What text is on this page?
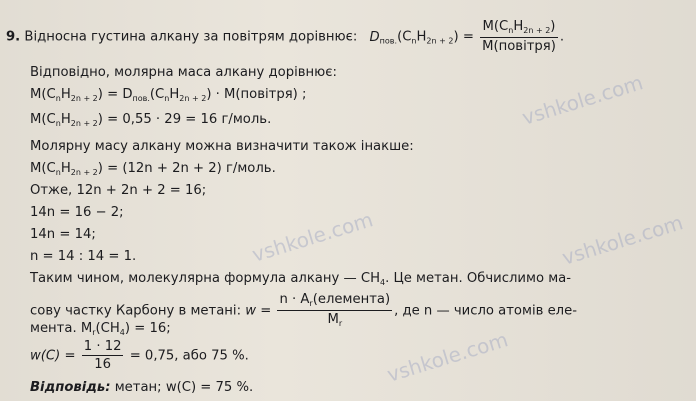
vshkole.com
vshkole.com	vshkole.com
vshkole.com
9. Відносна густина алкану за повітрям дорівнює: $D_{пов.}(C_nH_{2n + 2}) = \frac{M(C_nH_{2n + 2})}{\text{M(повітря)}}$ .
Відповідно, молярна маса алкану дорівнює:
$M(C_nH_{2n + 2}) = D_{пов.}(C_nH_{2n + 2})$ · M(повітря) ;
$M(C_nH_{2n + 2}) = 0,55 \cdot 29 = 16$ г/моль.
Молярну масу алкану можна визначити також інакше:
$M(C_nH_{2n + 2}) = (12n + 2n + 2)$ г/моль.
Отже, 12n + 2n + 2 = 16;
14n = 16 − 2;
14n = 14;
n = 14 : 14 = 1.
Таким чином, молекулярна формула алкану — $CH_4$. Це метан. Обчислимо ма-
сову частку Карбону в метані: $w = \frac{n \cdot A_r(елемента)}{M_r}$ , де n — число атомів еле-
мента. $M_r(CH_4) = 16$;
$w(C) = \frac{1 \cdot 12}{16} = 0,75$, або 75 %.
Відповідь: метан; w(C) = 75 %.
